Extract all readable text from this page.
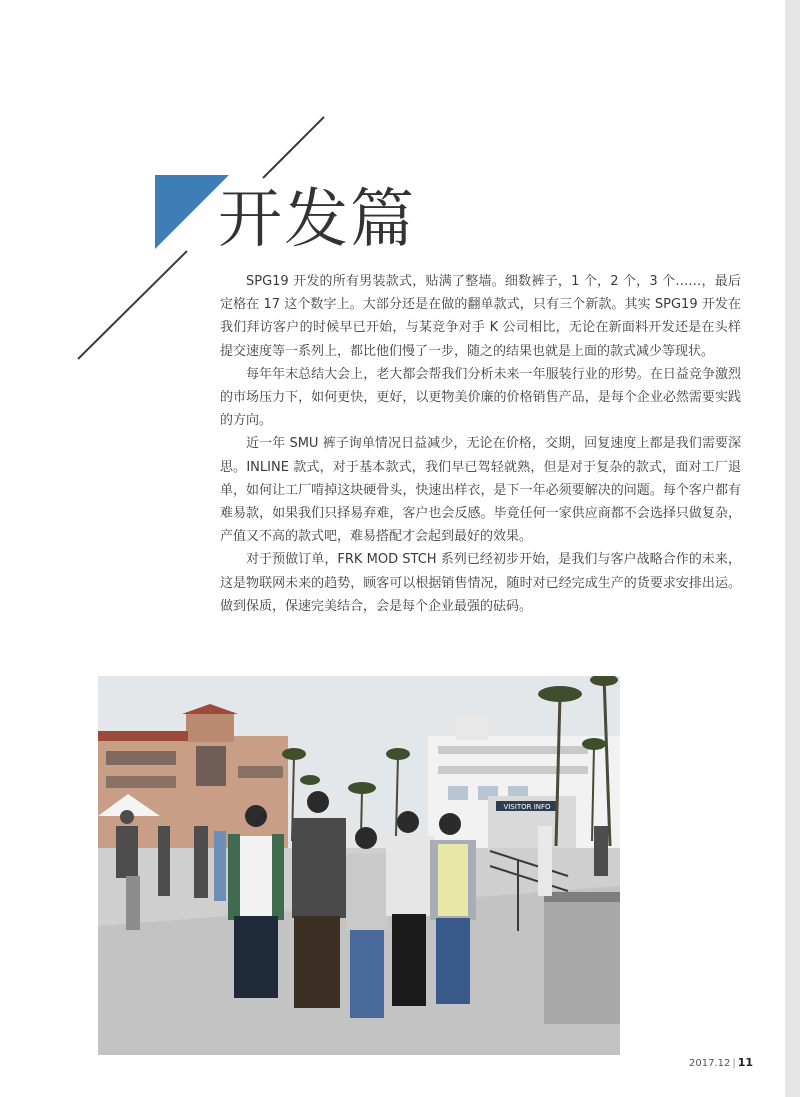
开发篇

SPG19 开发的所有男装款式，贴满了整墙。细数裤子，1 个，2 个，3 个……，最后定格在 17 这个数字上。大部分还是在做的翻单款式，只有三个新款。其实 SPG19 开发在我们拜访客户的时候早已开始，与某竞争对手 K 公司相比，无论在新面料开发还是在头样提交速度等一系列上，都比他们慢了一步，随之的结果也就是上面的款式减少等现状。

每年年末总结大会上，老大都会帮我们分析未来一年服装行业的形势。在日益竞争激烈的市场压力下，如何更快，更好，以更物美价廉的价格销售产品，是每个企业必然需要实践的方向。

近一年 SMU 裤子询单情况日益减少，无论在价格，交期，回复速度上都是我们需要深思。INLINE 款式，对于基本款式，我们早已驾轻就熟，但是对于复杂的款式，面对工厂退单，如何让工厂啃掉这块硬骨头，快速出样衣，是下一年必须要解决的问题。每个客户都有难易款，如果我们只择易弃难，客户也会反感。毕竟任何一家供应商都不会选择只做复杂，产值又不高的款式吧，难易搭配才会起到最好的效果。

对于预做订单，FRK MOD STCH 系列已经初步开始，是我们与客户战略合作的未来，这是物联网未来的趋势，顾客可以根据销售情况，随时对已经完成生产的货要求安排出运。做到保质，保速完美结合，会是每个企业最强的砝码。

VISITOR INFO
2017.12 | 11
